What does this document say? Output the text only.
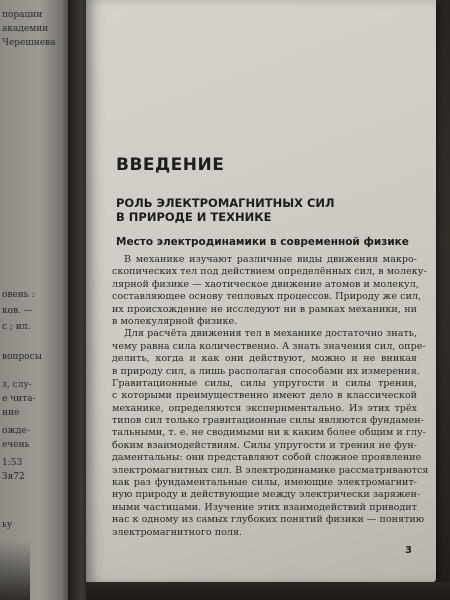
порации
академии
Черешнева
овень :
ков. —
с ; ил.
вопросы
з, слу-
е чита-
ние
ожде-
ечень
1:53
Зя72
ьу
ВВЕДЕНИЕ
РОЛЬ ЭЛЕКТРОМАГНИТНЫХ СИЛ
В ПРИРОДЕ И ТЕХНИКЕ
Место электродинамики в современной физике
В механике изучают различные виды движения макро-
скопических тел под действием определённых сил, в молеку-
лярной физике — хаотическое движение атомов и молекул,
составляющее основу тепловых процессов. Природу же сил,
их происхождение не исследуют ни в рамках механики, ни
в молекулярной физике.
Для расчёта движения тел в механике достаточно знать,
чему равна сила количественно. А знать значения сил, опре-
делить, когда и как они действуют, можно и не вникая
в природу сил, а лишь располагая способами их измерения.
Гравитационные силы, силы упругости и силы трения,
с которыми преимущественно имеют дело в классической
механике, определяются экспериментально. Из этих трёх
типов сил только гравитационные силы являются фундамен-
тальными, т. е. не сводимыми ни к каким более общим и глу-
боким взаимодействиям. Силы упругости и трения не фун-
даментальны: они представляют собой сложное проявление
электромагнитных сил. В электродинамике рассматриваются
как раз фундаментальные силы, имеющие электромагнит-
ную природу и действующие между электрически заряжен-
ными частицами. Изучение этих взаимодействий приводит
нас к одному из самых глубоких понятий физики — понятию
электромагнитного поля.
3
